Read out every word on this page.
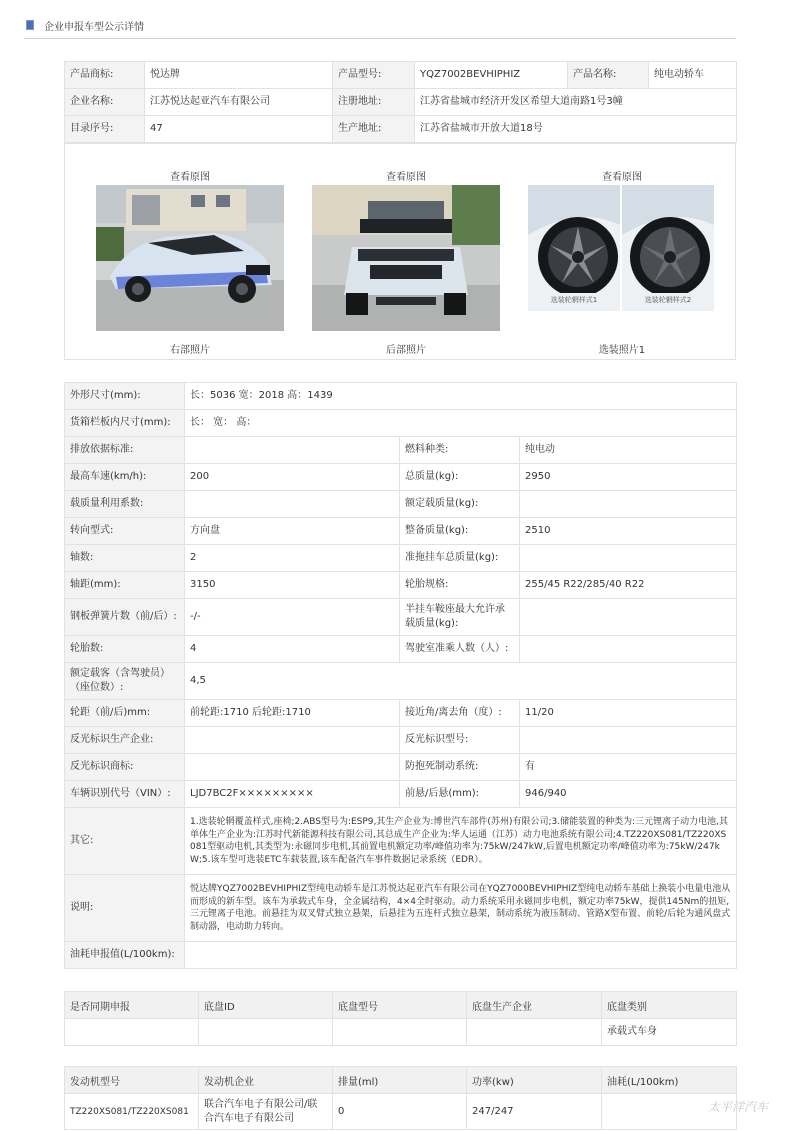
企业申报车型公示详情
产品商标:	悦达牌	产品型号:	YQZ7002BEVHIPHIZ	产品名称:	纯电动轿车
企业名称:	江苏悦达起亚汽车有限公司	注册地址:	江苏省盐城市经济开发区希望大道南路1号3幢		
目录序号:	47	生产地址:	江苏省盐城市开放大道18号		
查看原图
右部照片
查看原图
后部照片
查看原图
选装轮辋样式1	选装轮辋样式2
选装照片1
外形尺寸(mm):	长：5036 宽：2018 高：1439		
货箱栏板内尺寸(mm):	长： 宽： 高：		
排放依据标准:		燃料种类:	纯电动
最高车速(km/h):	200	总质量(kg):	2950
载质量利用系数:		额定载质量(kg):	
转向型式:	方向盘	整备质量(kg):	2510
轴数:	2	准拖挂车总质量(kg):	
轴距(mm):	3150	轮胎规格:	255/45 R22/285/40 R22
钢板弹簧片数（前/后）:	-/-	半挂车鞍座最大允许承载质量(kg):	
轮胎数:	4	驾驶室准乘人数（人）:	
额定载客（含驾驶员）（座位数）:	4,5		
轮距（前/后)mm:	前轮距:1710 后轮距:1710	接近角/离去角（度）:	11/20
反光标识生产企业:		反光标识型号:	
反光标识商标:		防抱死制动系统:	有
车辆识别代号（VIN）:	LJD7BC2F×××××××××	前悬/后悬(mm):	946/940
其它:	1.选装轮辋覆盖样式,座椅;2.ABS型号为:ESP9,其生产企业为:博世汽车部件(苏州)有限公司;3.储能装置的种类为:三元锂离子动力电池,其单体生产企业为:江苏时代新能源科技有限公司,其总成生产企业为:华人运通（江苏）动力电池系统有限公司;4.TZ220XS081/TZ220XS081型驱动电机,其类型为:永磁同步电机,其前置电机额定功率/峰值功率为:75kW/247kW,后置电机额定功率/峰值功率为:75kW/247kW;5.该车型可选装ETC车载装置,该车配备汽车事件数据记录系统（EDR）。		
说明:	悦达牌YQZ7002BEVHIPHIZ型纯电动轿车是江苏悦达起亚汽车有限公司在YQZ7000BEVHIPHIZ型纯电动轿车基础上换装小电量电池从而形成的新车型。该车为承载式车身，全金属结构，4×4全时驱动。动力系统采用永磁同步电机，额定功率75kW，提供145Nm的扭矩,三元锂离子电池。前悬挂为双叉臂式独立悬架，后悬挂为五连杆式独立悬架，制动系统为液压制动、管路X型布置、前轮/后轮为通风盘式制动器，电动助力转向。		
油耗申报值(L/100km):			
是否同期申报	底盘ID	底盘型号	底盘生产企业	底盘类别
				承载式车身
发动机型号	发动机企业	排量(ml)	功率(kw)	油耗(L/100km)
TZ220XS081/TZ220XS081	联合汽车电子有限公司/联合汽车电子有限公司	0	247/247		太平洋汽车
